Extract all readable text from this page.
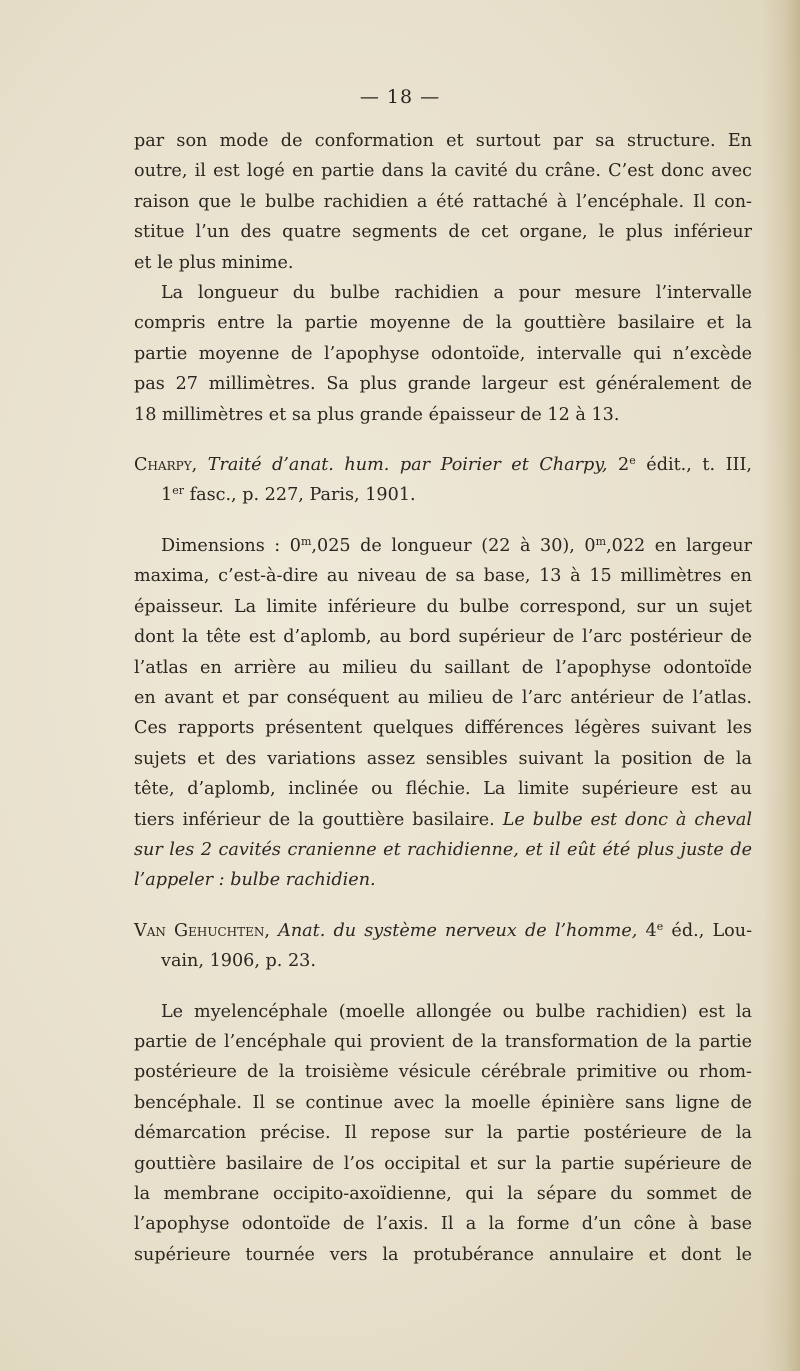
— 18 —

par son mode de conformation et surtout par sa structure. En

outre, il est logé en partie dans la cavité du crâne. C’est donc avec

raison que le bulbe rachidien a été rattaché à l’encéphale. Il con-

stitue l’un des quatre segments de cet organe, le plus inférieur

et le plus minime.

La longueur du bulbe rachidien a pour mesure l’intervalle

compris entre la partie moyenne de la gouttière basilaire et la

partie moyenne de l’apophyse odontoïde, intervalle qui n’excède

pas 27 millimètres. Sa plus grande largeur est généralement de

18 millimètres et sa plus grande épaisseur de 12 à 13.

Charpy, Traité d’anat. hum. par Poirier et Charpy, 2e édit., t. III,

1er fasc., p. 227, Paris, 1901.

Dimensions : 0$^m$,025 de longueur (22 à 30), 0$^m$,022 en largeur

maxima, c’est-à-dire au niveau de sa base, 13 à 15 millimètres en

épaisseur. La limite inférieure du bulbe correspond, sur un sujet

dont la tête est d’aplomb, au bord supérieur de l’arc postérieur de

l’atlas en arrière au milieu du saillant de l’apophyse odontoïde

en avant et par conséquent au milieu de l’arc antérieur de l’atlas.

Ces rapports présentent quelques différences légères suivant les

sujets et des variations assez sensibles suivant la position de la

tête, d’aplomb, inclinée ou fléchie. La limite supérieure est au

tiers inférieur de la gouttière basilaire. Le bulbe est donc à cheval

sur les 2 cavités cranienne et rachidienne, et il eût été plus juste de

l’appeler : bulbe rachidien.

Van Gehuchten, Anat. du système nerveux de l’homme, 4e éd., Lou-

vain, 1906, p. 23.

Le myelencéphale (moelle allongée ou bulbe rachidien) est la

partie de l’encéphale qui provient de la transformation de la partie

postérieure de la troisième vésicule cérébrale primitive ou rhom-

bencéphale. Il se continue avec la moelle épinière sans ligne de

démarcation précise. Il repose sur la partie postérieure de la

gouttière basilaire de l’os occipital et sur la partie supérieure de

la membrane occipito-axoïdienne, qui la sépare du sommet de

l’apophyse odontoïde de l’axis. Il a la forme d’un cône à base

supérieure tournée vers la protubérance annulaire et dont le
